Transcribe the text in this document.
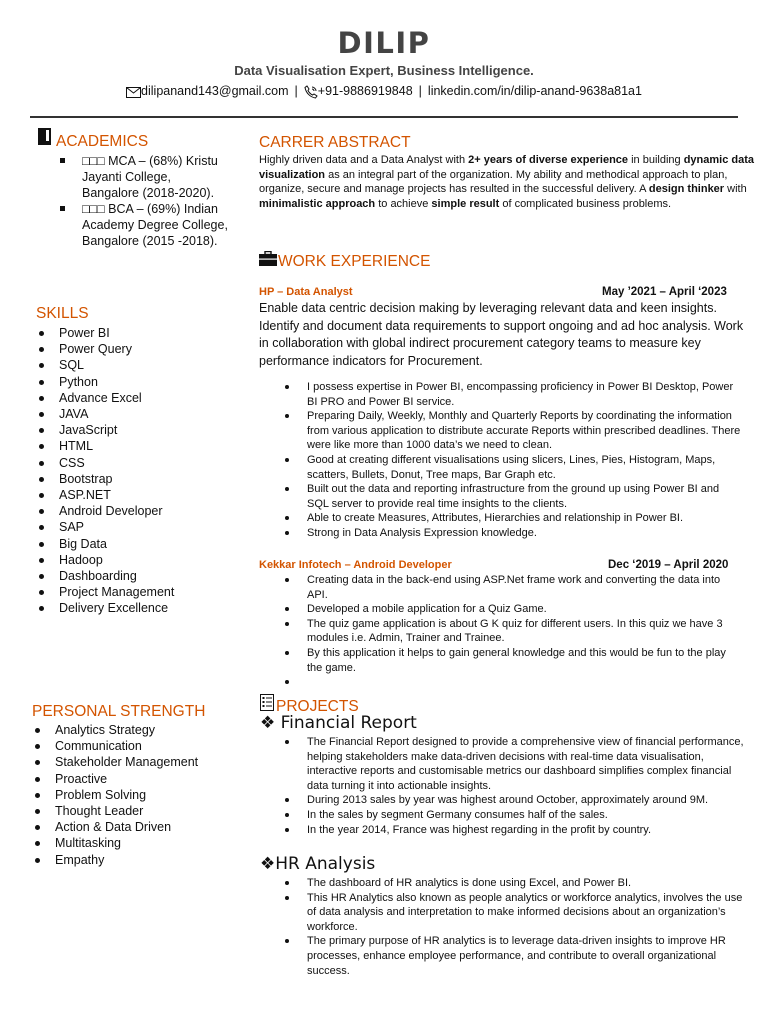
DILIP
Data Visualisation Expert, Business Intelligence.
dilipanand143@gmail.com | +91-9886919848 | linkedin.com/in/dilip-anand-9638a81a1
ACADEMICS
□□□ MCA – (68%) Kristu Jayanti College, Bangalore (2018-2020).
□□□ BCA – (69%) Indian Academy Degree College, Bangalore (2015 -2018).
SKILLS
Power BI
Power Query
SQL
Python
Advance Excel
JAVA
JavaScript
HTML
CSS
Bootstrap
ASP.NET
Android Developer
SAP
Big Data
Hadoop
Dashboarding
Project Management
Delivery Excellence
PERSONAL STRENGTH
Analytics Strategy
Communication
Stakeholder Management
Proactive
Problem Solving
Thought Leader
Action & Data Driven
Multitasking
Empathy
CARRER ABSTRACT
Highly driven data and a Data Analyst with 2+ years of diverse experience in building dynamic data visualization as an integral part of the organization. My ability and methodical approach to plan, organize, secure and manage projects has resulted in the successful delivery. A design thinker with minimalistic approach to achieve simple result of complicated business problems.
WORK EXPERIENCE
HP – Data Analyst	May ’2021 – April ‘2023
Enable data centric decision making by leveraging relevant data and keen insights. Identify and document data requirements to support ongoing and ad hoc analysis. Work in collaboration with global indirect procurement category teams to measure key performance indicators for Procurement.
I possess expertise in Power BI, encompassing proficiency in Power BI Desktop, Power BI PRO and Power BI service.
Preparing Daily, Weekly, Monthly and Quarterly Reports by coordinating the information from various application to distribute accurate Reports within prescribed deadlines. There were like more than 1000 data’s we need to clean.
Good at creating different visualisations using slicers, Lines, Pies, Histogram, Maps, scatters, Bullets, Donut, Tree maps, Bar Graph etc.
Built out the data and reporting infrastructure from the ground up using Power BI and SQL server to provide real time insights to the clients.
Able to create Measures, Attributes, Hierarchies and relationship in Power BI.
Strong in Data Analysis Expression knowledge.
Kekkar Infotech – Android Developer	Dec ‘2019 – April 2020
Creating data in the back-end using ASP.Net frame work and converting the data into API.
Developed a mobile application for a Quiz Game.
The quiz game application is about G K quiz for different users. In this quiz we have 3 modules i.e. Admin, Trainer and Trainee.
By this application it helps to gain general knowledge and this would be fun to the play the game.
PROJECTS
❖ Financial Report
The Financial Report designed to provide a comprehensive view of financial performance, helping stakeholders make data-driven decisions with real-time data visualisation, interactive reports and customisable metrics our dashboard simplifies complex financial data turning it into actionable insights.
During 2013 sales by year was highest around October, approximately around 9M.
In the sales by segment Germany consumes half of the sales.
In the year 2014, France was highest regarding in the profit by country.
❖HR Analysis
The dashboard of HR analytics is done using Excel, and Power BI.
This HR Analytics also known as people analytics or workforce analytics, involves the use of data analysis and interpretation to make informed decisions about an organization’s workforce.
The primary purpose of HR analytics is to leverage data-driven insights to improve HR processes, enhance employee performance, and contribute to overall organizational success.
